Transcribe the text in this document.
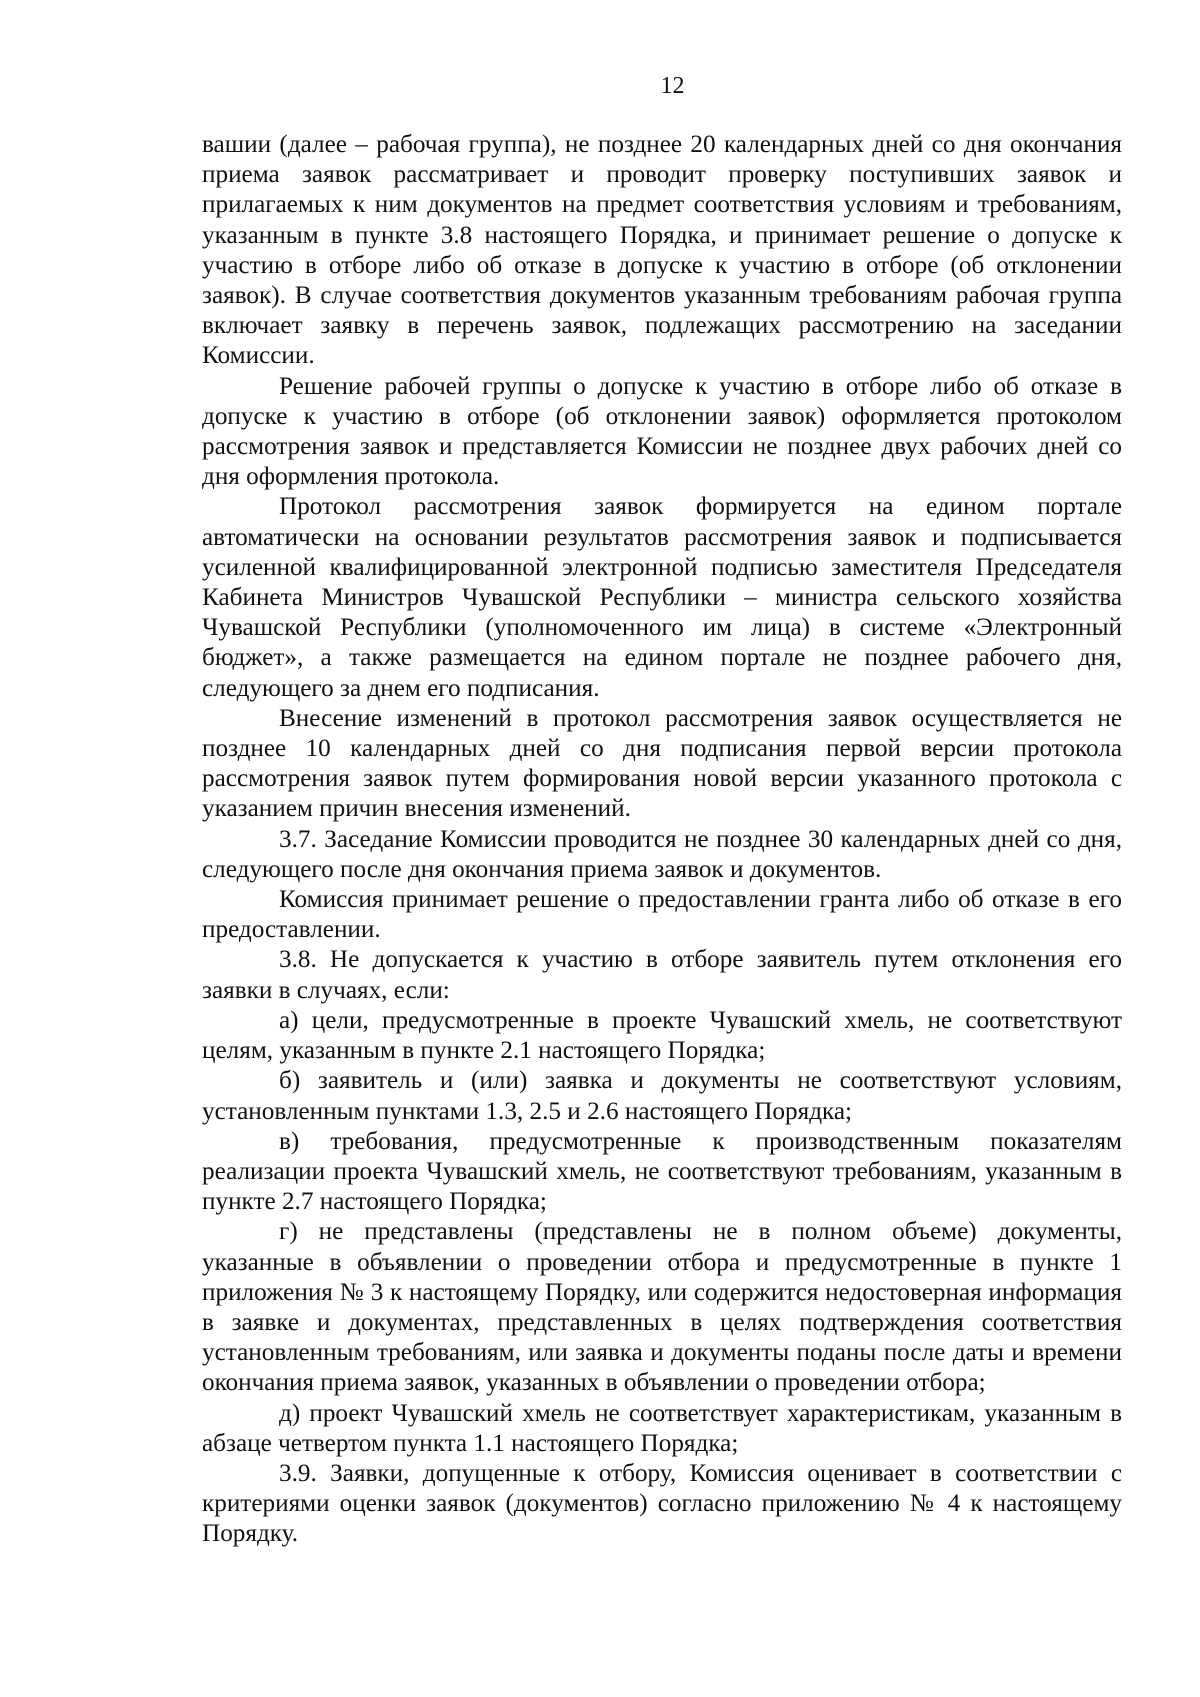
12

вашии (далее – рабочая группа), не позднее 20 календарных дней со дня окончания приема заявок рассматривает и проводит проверку поступивших заявок и прилагаемых к ним документов на предмет соответствия условиям и требованиям, указанным в пункте 3.8 настоящего Порядка, и принимает решение о допуске к участию в отборе либо об отказе в допуске к участию в отборе (об отклонении заявок). В случае соответствия документов указанным требованиям рабочая группа включает заявку в перечень заявок, подлежащих рассмотрению на заседании Комиссии.

Решение рабочей группы о допуске к участию в отборе либо об отказе в допуске к участию в отборе (об отклонении заявок) оформляется протоколом рассмотрения заявок и представляется Комиссии не позднее двух рабочих дней со дня оформления протокола.

Протокол рассмотрения заявок формируется на едином портале автоматически на основании результатов рассмотрения заявок и подписывается усиленной квалифицированной электронной подписью заместителя Председателя Кабинета Министров Чувашской Республики – министра сельского хозяйства Чувашской Республики (уполномоченного им лица) в системе «Электронный бюджет», а также размещается на едином портале не позднее рабочего дня, следующего за днем его подписания.

Внесение изменений в протокол рассмотрения заявок осуществляется не позднее 10 календарных дней со дня подписания первой версии протокола рассмотрения заявок путем формирования новой версии указанного протокола с указанием причин внесения изменений.

3.7. Заседание Комиссии проводится не позднее 30 календарных дней со дня, следующего после дня окончания приема заявок и документов.

Комиссия принимает решение о предоставлении гранта либо об отказе в его предоставлении.

3.8. Не допускается к участию в отборе заявитель путем отклонения его заявки в случаях, если:

а) цели, предусмотренные в проекте Чувашский хмель, не соответствуют целям, указанным в пункте 2.1 настоящего Порядка;

б) заявитель и (или) заявка и документы не соответствуют условиям, установленным пунктами 1.3, 2.5 и 2.6 настоящего Порядка;

в) требования, предусмотренные к производственным показателям реализации проекта Чувашский хмель, не соответствуют требованиям, указанным в пункте 2.7 настоящего Порядка;

г) не представлены (представлены не в полном объеме) документы, указанные в объявлении о проведении отбора и предусмотренные в пункте 1 приложения № 3 к настоящему Порядку, или содержится недостоверная информация в заявке и документах, представленных в целях подтверждения соответствия установленным требованиям, или заявка и документы поданы после даты и времени окончания приема заявок, указанных в объявлении о проведении отбора;

д) проект Чувашский хмель не соответствует характеристикам, указанным в абзаце четвертом пункта 1.1 настоящего Порядка;

3.9. Заявки, допущенные к отбору, Комиссия оценивает в соответствии с критериями оценки заявок (документов) согласно приложению № 4 к настоящему Порядку.
